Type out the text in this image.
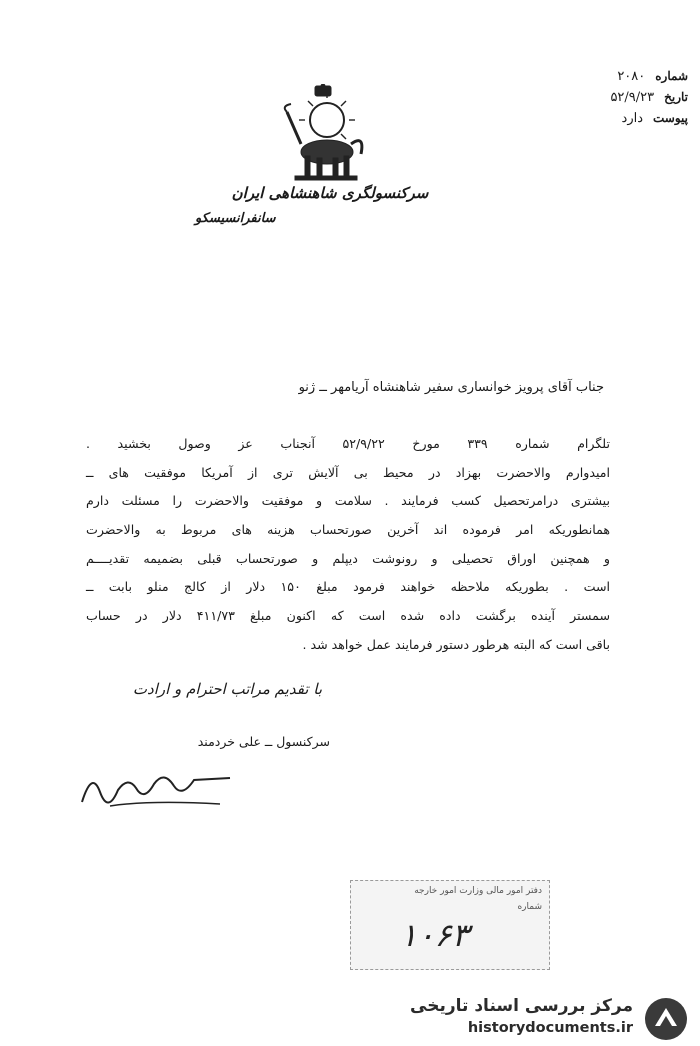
شماره
۲۰۸۰
تاریخ
۵۲/۹/۲۳
پیوست
دارد
سرکنسولگری شاهنشاهی ایران
سانفرانسیسکو
جناب آقای پرویز خوانساری سفیر شاهنشاه آریامهر ــ ژنو
تلگرام شماره ۳۳۹ مورخ ۵۲/۹/۲۲ آنجناب عز وصول بخشید .
امیدوارم والاحضرت بهزاد در محیط بی آلایش تری از آمریکا موفقیت های ــ
بیشتری درامرتحصیل کسب فرمایند . سلامت و موفقیت والاحضرت را مسئلت دارم
همانطوریکه امر فرموده اند آخرین صورتحساب هزینه های مربوط به والاحضرت
و همچنین اوراق تحصیلی و رونوشت دیپلم و صورتحساب قبلی بضمیمه تقدیــــم
است . بطوریکه ملاحظه خواهند فرمود مبلغ ۱۵۰ دلار از کالج منلو بابت ــ
سمستر آینده برگشت داده شده است که اکنون مبلغ ۴۱۱/۷۳ دلار در حساب
باقی است که البته هرطور دستور فرمایند عمل خواهد شد .
با تقدیم مراتب احترام و ارادت
سرکنسول ــ علی خردمند
دفتر امور مالی وزارت امور خارجه
شماره
۱۰۶۳
مرکز بررسی اسناد تاریخی
historydocuments.ir
